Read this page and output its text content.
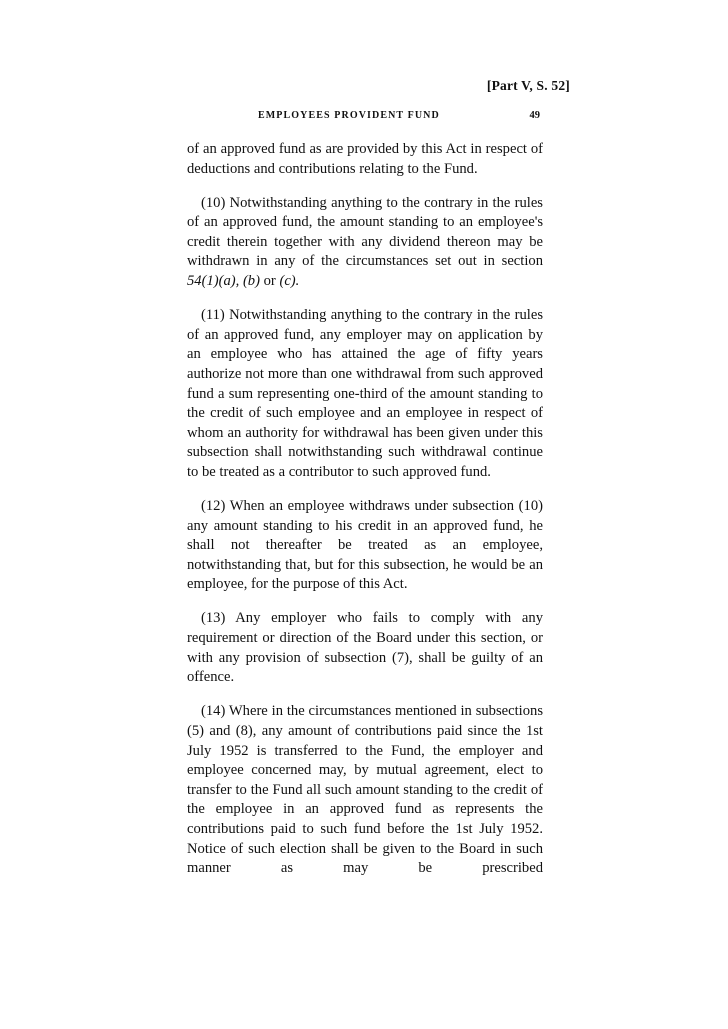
[Part V, S. 52]
EMPLOYEES PROVIDENT FUND	49

of an approved fund as are provided by this Act in respect of deductions and contributions relating to the Fund.

(10) Notwithstanding anything to the contrary in the rules of an approved fund, the amount standing to an employee's credit therein together with any dividend thereon may be withdrawn in any of the circumstances set out in section 54(1)(a), (b) or (c).

(11) Notwithstanding anything to the contrary in the rules of an approved fund, any employer may on application by an employee who has attained the age of fifty years authorize not more than one withdrawal from such approved fund a sum representing one-third of the amount standing to the credit of such employee and an employee in respect of whom an authority for withdrawal has been given under this subsection shall notwithstanding such withdrawal continue to be treated as a contributor to such approved fund.

(12) When an employee withdraws under subsection (10) any amount standing to his credit in an approved fund, he shall not thereafter be treated as an employee, notwithstanding that, but for this subsection, he would be an employee, for the purpose of this Act.

(13) Any employer who fails to comply with any requirement or direction of the Board under this section, or with any provision of subsection (7), shall be guilty of an offence.

(14) Where in the circumstances mentioned in subsections (5) and (8), any amount of contributions paid since the 1st July 1952 is transferred to the Fund, the employer and employee concerned may, by mutual agreement, elect to transfer to the Fund all such amount standing to the credit of the employee in an approved fund as represents the contributions paid to such fund before the 1st July 1952. Notice of such election shall be given to the Board in such manner as may be prescribed
